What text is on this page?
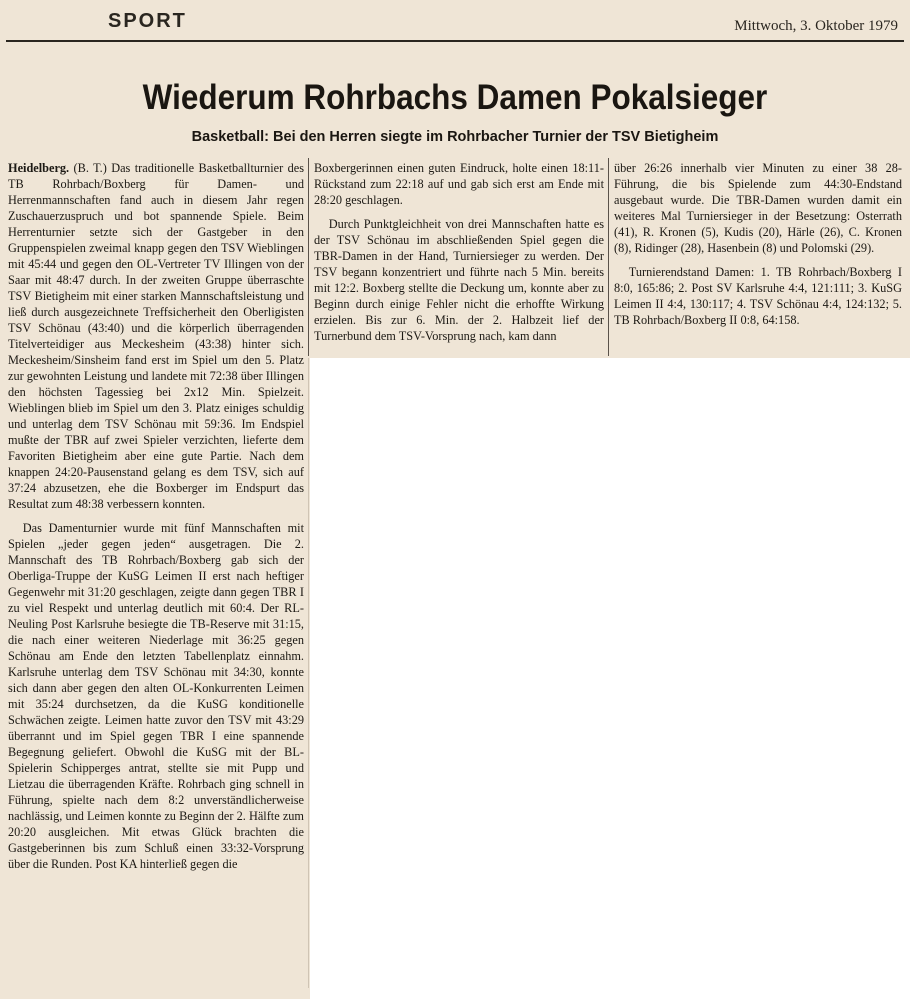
SPORT	Mittwoch, 3. Oktober 1979
Wiederum Rohrbachs Damen Pokalsieger
Basketball: Bei den Herren siegte im Rohrbacher Turnier der TSV Bietigheim

Heidelberg. (B. T.) Das traditionelle Basketballturnier des TB Rohrbach/Boxberg für Damen- und Herrenmannschaften fand auch in diesem Jahr regen Zuschauerzuspruch und bot spannende Spiele. Beim Herrenturnier setzte sich der Gastgeber in den Gruppenspielen zweimal knapp gegen den TSV Wieblingen mit 45:44 und gegen den OL-Vertreter TV Illingen von der Saar mit 48:47 durch. In der zweiten Gruppe überraschte TSV Bietigheim mit einer starken Mannschaftsleistung und ließ durch ausgezeichnete Treffsicherheit den Oberligisten TSV Schönau (43:40) und die körperlich überragenden Titelverteidiger aus Meckesheim (43:38) hinter sich. Meckesheim/Sinsheim fand erst im Spiel um den 5. Platz zur gewohnten Leistung und landete mit 72:38 über Illingen den höchsten Tagessieg bei 2x12 Min. Spielzeit. Wieblingen blieb im Spiel um den 3. Platz einiges schuldig und unterlag dem TSV Schönau mit 59:36. Im Endspiel mußte der TBR auf zwei Spieler verzichten, lieferte dem Favoriten Bietigheim aber eine gute Partie. Nach dem knappen 24:20-Pausenstand gelang es dem TSV, sich auf 37:24 abzusetzen, ehe die Boxberger im Endspurt das Resultat zum 48:38 verbessern konnten.

Das Damenturnier wurde mit fünf Mannschaften mit Spielen „jeder gegen jeden“ ausgetragen. Die 2. Mannschaft des TB Rohrbach/Boxberg gab sich der Oberliga-Truppe der KuSG Leimen II erst nach heftiger Gegenwehr mit 31:20 geschlagen, zeigte dann gegen TBR I zu viel Respekt und unterlag deutlich mit 60:4. Der RL-Neuling Post Karlsruhe besiegte die TB-Reserve mit 31:15, die nach einer weiteren Niederlage mit 36:25 gegen Schönau am Ende den letzten Tabellenplatz einnahm. Karlsruhe unterlag dem TSV Schönau mit 34:30, konnte sich dann aber gegen den alten OL-Konkurrenten Leimen mit 35:24 durchsetzen, da die KuSG konditionelle Schwächen zeigte. Leimen hatte zuvor den TSV mit 43:29 überrannt und im Spiel gegen TBR I eine spannende Begegnung geliefert. Obwohl die KuSG mit der BL-Spielerin Schipperges antrat, stellte sie mit Pupp und Lietzau die überragenden Kräfte. Rohrbach ging schnell in Führung, spielte nach dem 8:2 unverständlicherweise nachlässig, und Leimen konnte zu Beginn der 2. Hälfte zum 20:20 ausgleichen. Mit etwas Glück brachten die Gastgeberinnen bis zum Schluß einen 33:32-Vorsprung über die Runden. Post KA hinterließ gegen die

Boxbergerinnen einen guten Eindruck, holte einen 18:11-Rückstand zum 22:18 auf und gab sich erst am Ende mit 28:20 geschlagen.

Durch Punktgleichheit von drei Mannschaften hatte es der TSV Schönau im abschließenden Spiel gegen die TBR-Damen in der Hand, Turniersieger zu werden. Der TSV begann konzentriert und führte nach 5 Min. bereits mit 12:2. Boxberg stellte die Deckung um, konnte aber zu Beginn durch einige Fehler nicht die erhoffte Wirkung erzielen. Bis zur 6. Min. der 2. Halbzeit lief der Turnerbund dem TSV-Vorsprung nach, kam dann

über 26:26 innerhalb vier Minuten zu einer 38 28-Führung, die bis Spielende zum 44:30-Endstand ausgebaut wurde. Die TBR-Damen wurden damit ein weiteres Mal Turniersieger in der Besetzung: Osterrath (41), R. Kronen (5), Kudis (20), Härle (26), C. Kronen (8), Ridinger (28), Hasenbein (8) und Polomski (29).

Turnierendstand Damen: 1. TB Rohrbach/Boxberg I 8:0, 165:86; 2. Post SV Karlsruhe 4:4, 121:111; 3. KuSG Leimen II 4:4, 130:117; 4. TSV Schönau 4:4, 124:132; 5. TB Rohrbach/Boxberg II 0:8, 64:158.
